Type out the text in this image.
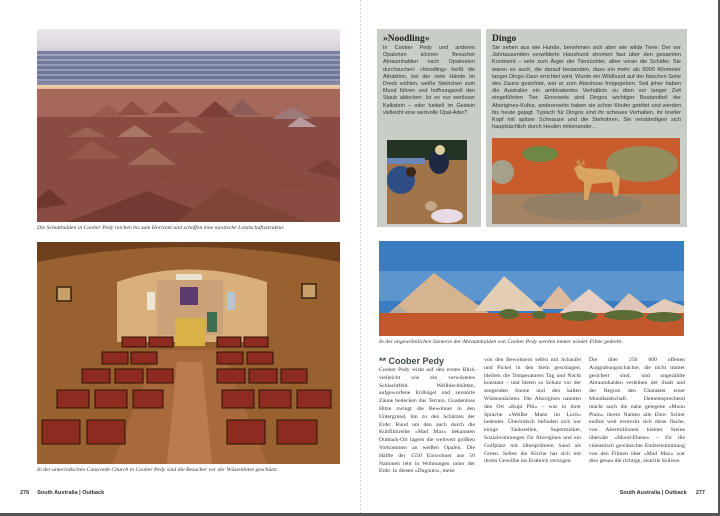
Die Schutthalden in Coober Pedy reichen bis zum Horizont und schaffen eine mystische Landschaftsstruktur.
In der unterirdischen Catacomb Church in Coober Pedy sind die Besucher vor der Wüstenhitze geschützt.
276 South Australia | Outback
»Noodling«
In Coober Pedy und anderen Opalorten können Besucher Abraumhalden nach Opalresten durchsuchen: »Noodling« heißt die Attraktion, bei der viele Hände im Dreck wühlen, weiße Steinchen zum Mund führen und hoffnungsvoll den Staub ablecken: Ist es nur wertloser Kalkstein – oder funkelt im Gestein vielleicht eine wertvolle Opal-Ader?
Dingo
Sie sehen aus wie Hunde, benehmen sich aber wie wilde Tiere: Der vor Jahrtausenden verwilderte Haushund stromert fast über den gesamten Kontinent – sehr zum Ärger der Tierzüchter, allen voran die Schäfer. Sie waren es auch, die darauf bestanden, dass ein mehr als 5000 Kilometer langer Dingo-Zaun errichtet wird. Wurde ein Wildhund auf der falschen Seite des Zauns gesichtet, war er zum Abschuss freigegeben. Seit jeher haben die Australier ein ambivalentes Verhältnis zu dem vor langer Zeit eingeführten Tier. Einerseits sind Dingos wichtiger Bestandteil der Aborigines-Kultur, andererseits haben sie schon Kinder getötet und werden bis heute gejagt. Typisch für Dingos sind ihr scheues Verhalten, ihr breiter Kopf mit spitzer Schnauze und die Stehohren. Sie verständigen sich hauptsächlich durch Heulen miteinander. .
In der ungewöhnlichen Szenerie der Abraumhalden von Coober Pedy werden immer wieder Filme gedreht.
** Coober Pedy
Coober Pedy wirkt auf den ersten Blick vielleicht wie ein verwüstetes Schlachtfeld. Wellblechhütten, aufgeworfene Erdhügel und zerstörte Zäune bedecken das Terrain. Gnadenlose Hitze zwingt die Bewohner in den Untergrund, hin zu den Schätzen der Erde: Rund um den auch durch die Kultfilmreihe »Mad Max« bekannten Outback-Ort lagern die weltweit größten Vorkommen an weißen Opalen. Die Hälfte der 1550 Einwohner aus 50 Nationen lebt in Wohnungen unter der Erde. In diesen »Dugouts«, meist
von den Bewohnern selbst mit Schaufel und Pickel in den Stein geschlagen, bleiben die Temperaturen Tag und Nacht konstant – und bieten so Schutz vor der sengenden Sonne und den kalten Wüstennächten. Die Aborigines nannten den Ort »Kupi Piti« – was in ihrer Sprache »Weißer Mann im Loch« bedeutet. Überirdisch befinden sich nur einige Tankstellen, Supermärkte, Sozialwohnungen für Aborigines und ein Golfplatz mit ölbesprühtem Sand als Green. Selbst die Kirche hat sich mit ihrem Gewölbe ins Erdreich verzogen.
Die über 250 000 offenen Ausgrabungsschächte, die nicht immer gesichert sind, und ungezählte Abraumhalden verleihen der Stadt und der Region den Charakter einer Mondlandschaft. Dementsprechend macht auch die nahe gelegene »Moon Plain« ihrem Namen alle Ehre: Schier endlos weit erstreckt sich diese flache, von Abermillionen kleiner Steine übersäte »Mond-Ebene« – für die cineastisch gewünschte Endzeitstimmung von den Filmen über »Mad Max« war dies genau die richtige, skurrile Kulisse.
South Australia | Outback 277
